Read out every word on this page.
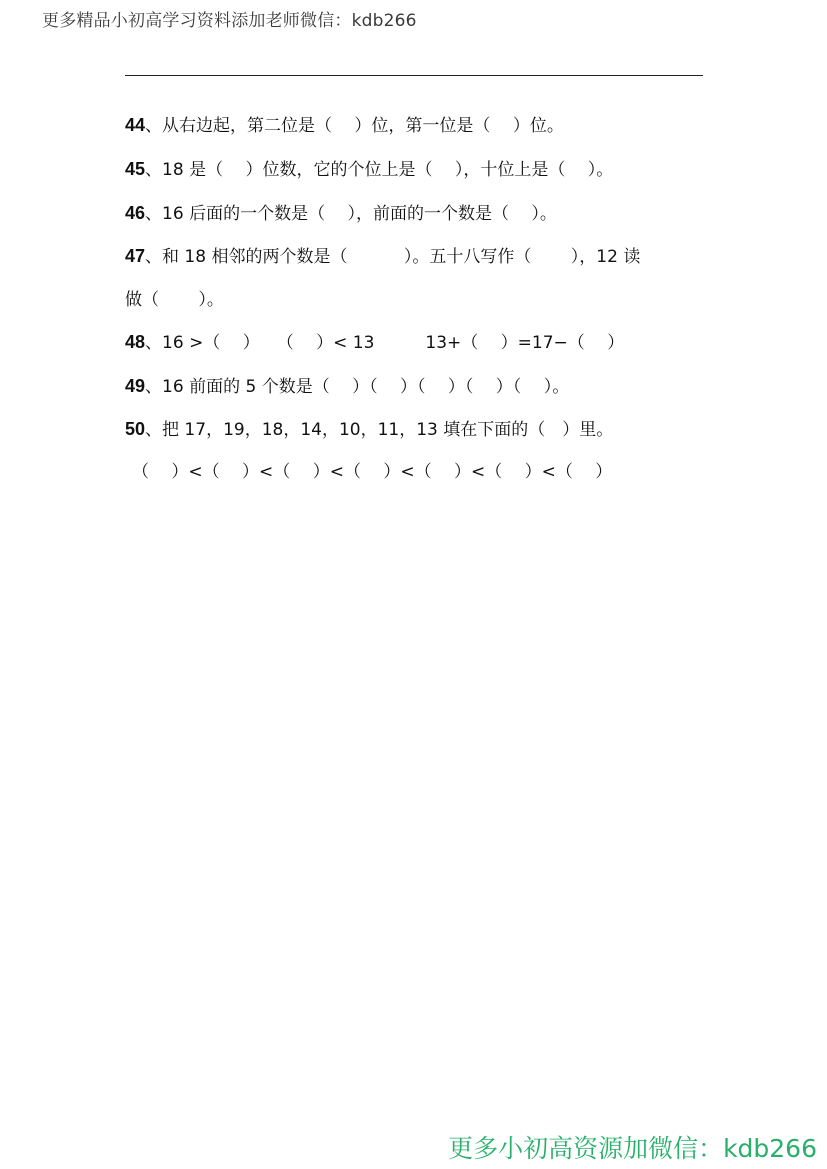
更多精品小初高学习资料添加老师微信：kdb266
44、从右边起，第二位是（　 ）位，第一位是（　 ）位。
45、18 是（　 ）位数，它的个位上是（　 ），十位上是（　 ）。
46、16 后面的一个数是（　 ），前面的一个数是（　 ）。
47、和 18 相邻的两个数是（　　　 ）。五十八写作（　　 ），12 读
做（　　 ）。
48、16 >（　 ）　　（　 ）< 13　　　13+（　 ）=17−（　 ）
49、16 前面的 5 个数是（　 ）（　 ）（　 ）（　 ）（　 ）。
50、把 17，19，18，14，10，11，13 填在下面的（　）里。
（　 ）<（　 ）<（　 ）<（　 ）<（　 ）<（　 ）<（　 ）
更多小初高资源加微信：kdb266
